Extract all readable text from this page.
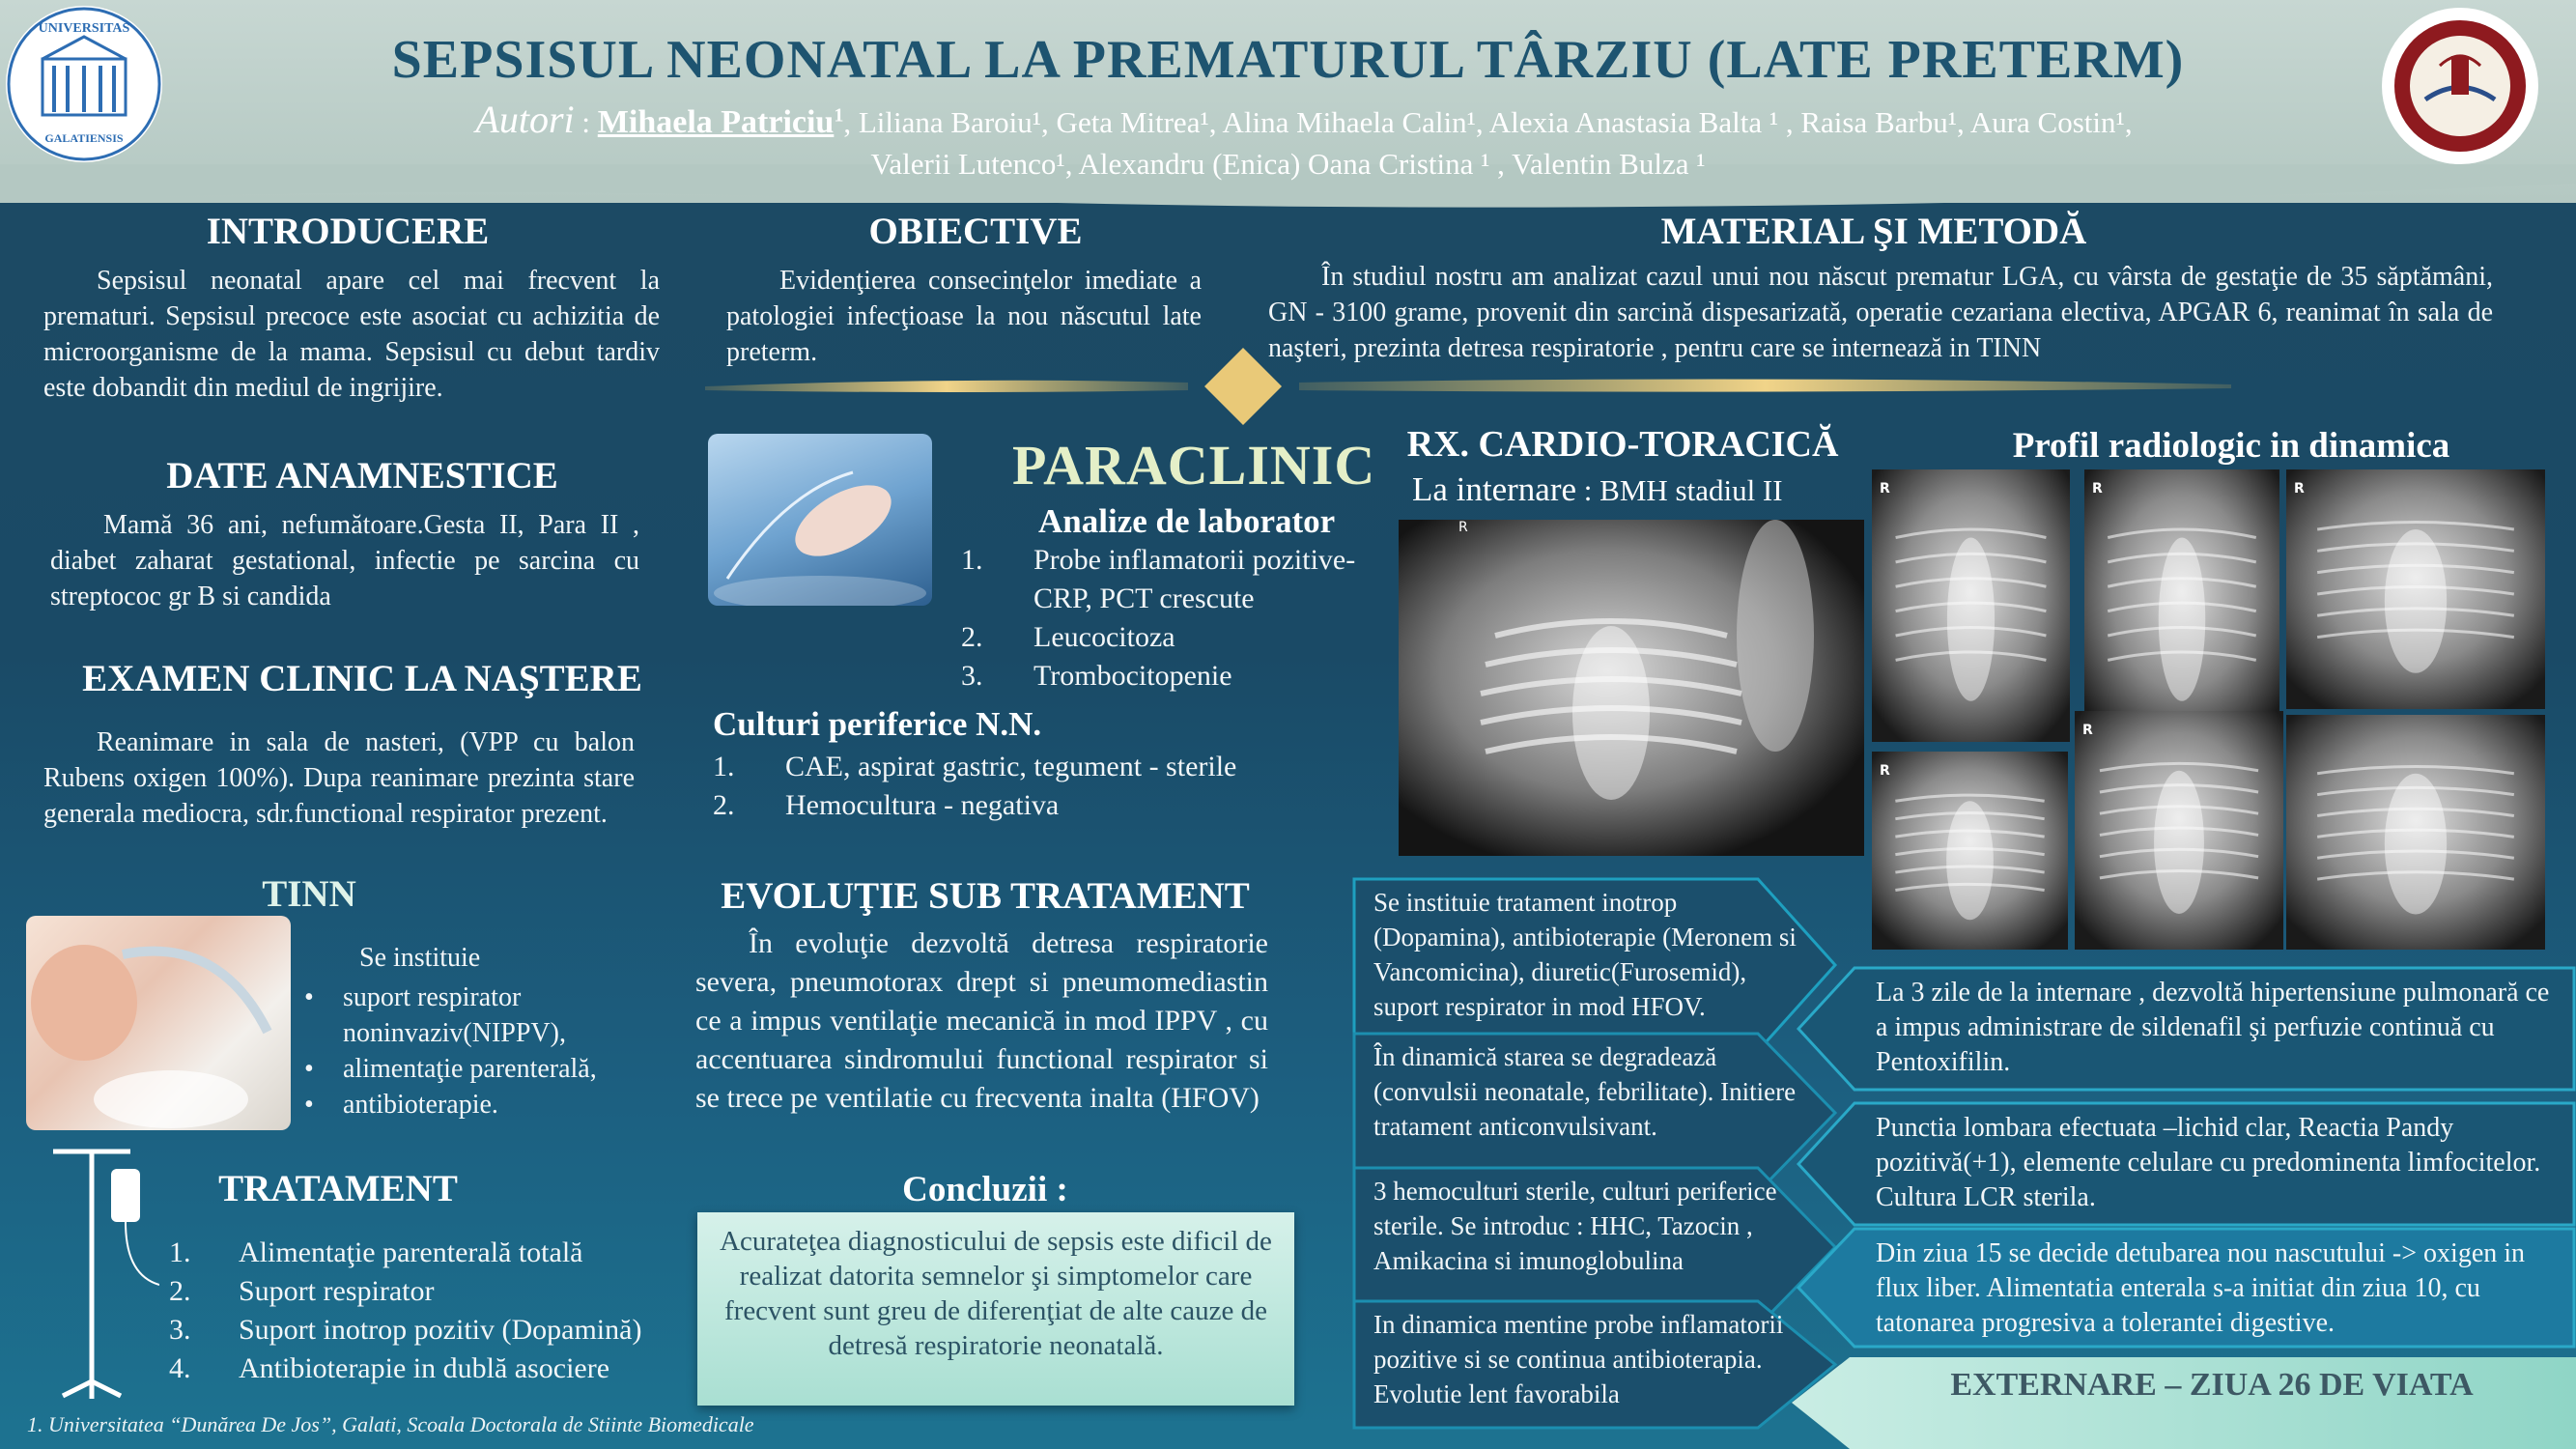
SEPSISUL NEONATAL LA PREMATURUL TÂRZIU (LATE PRETERM)
Autori : Mihaela Patriciu$^1$, Liliana Baroiu¹, Geta Mitrea¹, Alina Mihaela Calin¹, Alexia Anastasia Balta ¹ , Raisa Barbu¹, Aura Costin¹,
Valerii Lutenco¹, Alexandru (Enica) Oana Cristina ¹ , Valentin Bulza ¹
UNIVERSITAS
GALATIENSIS
INTRODUCERE
Sepsisul neonatal apare cel mai frecvent la prematuri. Sepsisul precoce este asociat cu achizitia de microorganisme de la mama. Sepsisul cu debut tardiv este dobandit din mediul de ingrijire.
OBIECTIVE
Evidenţierea consecinţelor imediate a patologiei infecţioase la nou născutul late preterm.
MATERIAL ŞI METODĂ
În studiul nostru am analizat cazul unui nou născut prematur LGA, cu vârsta de gestaţie de 35 săptămâni, GN - 3100 grame, provenit din sarcină dispesarizată, operatie cezariana electiva, APGAR 6, reanimat în sala de naşteri, prezinta detresa respiratorie , pentru care se internează in TINN
DATE ANAMNESTICE
Mamă 36 ani, nefumătoare.Gesta II, Para II , diabet zaharat gestational, infectie pe sarcina cu streptococ gr B si candida
EXAMEN CLINIC LA NAŞTERE
Reanimare in sala de nasteri, (VPP cu balon Rubens oxigen 100%). Dupa reanimare prezinta stare generala mediocra, sdr.functional respirator prezent.
TINN
Se instituie
• suport respirator noninvaziv(NIPPV),
• alimentaţie parenterală,
• antibioterapie.
TRATAMENT
1. Alimentaţie parenterală totală
2. Suport respirator
3. Suport inotrop pozitiv (Dopamină)
4. Antibioterapie in dublă asociere
PARACLINIC
Analize de laborator
1. Probe inflamatorii pozitive- CRP, PCT crescute
2. Leucocitoza
3. Trombocitopenie
Culturi periferice N.N.
1. CAE, aspirat gastric, tegument - sterile
2. Hemocultura - negativa
EVOLUŢIE SUB TRATAMENT
În evoluţie dezvoltă detresa respiratorie severa, pneumotorax drept si pneumomediastin ce a impus ventilaţie mecanică in mod IPPV , cu accentuarea sindromului functional respirator si se trece pe ventilatie cu frecventa inalta (HFOV)
Concluzii :
Acurateţea diagnosticului de sepsis este dificil de realizat datorita semnelor şi simptomelor care frecvent sunt greu de diferenţiat de alte cauze de detresă respiratorie neonatală.
RX. CARDIO-TORACICĂ
La internare : BMH stadiul II
R
Profil radiologic in dinamica
R	R	R
R
R
Se instituie tratament inotrop (Dopamina), antibioterapie (Meronem si Vancomicina), diuretic(Furosemid), suport respirator in mod HFOV.
În dinamică starea se degradează (convulsii neonatale, febrilitate). Initiere tratament anticonvulsivant.
3 hemoculturi sterile, culturi periferice sterile. Se introduc : HHC, Tazocin , Amikacina si imunoglobulina
In dinamica mentine probe inflamatorii pozitive si se continua antibioterapia. Evolutie lent favorabila
La 3 zile de la internare , dezvoltă hipertensiune pulmonară ce a impus administrare de sildenafil şi perfuzie continuă cu Pentoxifilin.
Punctia lombara efectuata –lichid clar, Reactia Pandy pozitivă(+1), elemente celulare cu predominenta limfocitelor. Cultura LCR sterila.
Din ziua 15 se decide detubarea nou nascutului -> oxigen in flux liber. Alimentatia enterala s-a initiat din ziua 10, cu tatonarea progresiva a tolerantei digestive.
EXTERNARE – ZIUA 26 DE VIATA
1. Universitatea “Dunărea De Jos”, Galati, Scoala Doctorala de Stiinte Biomedicale
